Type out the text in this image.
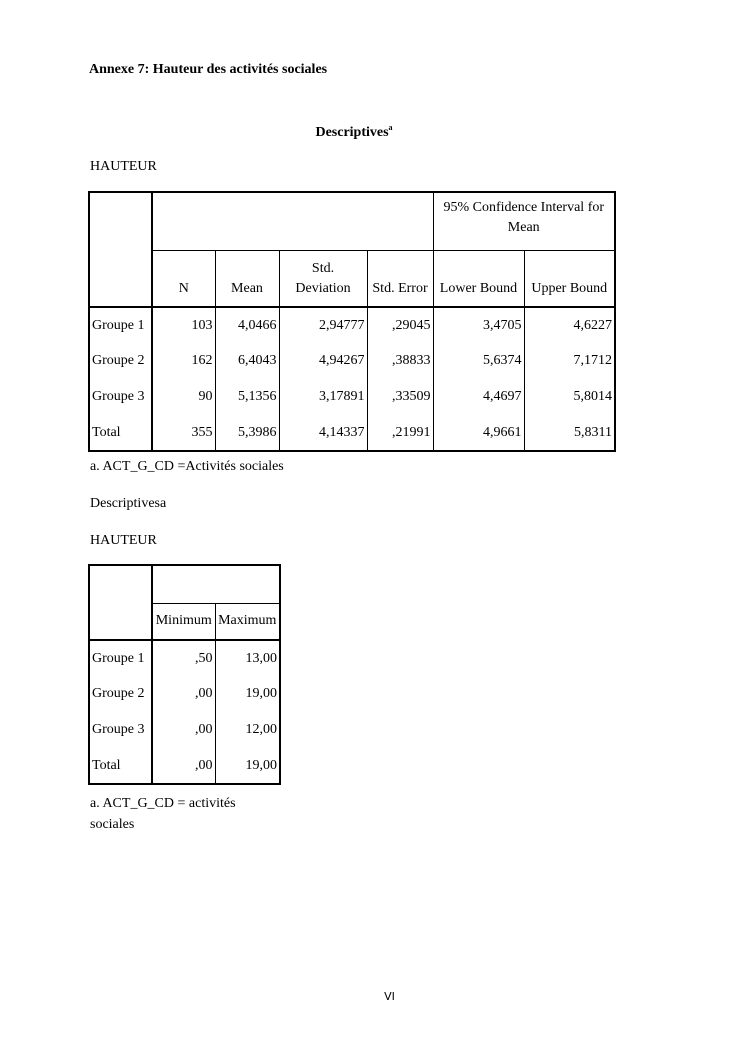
Annexe 7: Hauteur des activités sociales
Descriptives$^a$
HAUTEUR
					95% Confidence Interval for Mean	
	N	Mean	Std.
Deviation	Std. Error	Lower Bound	Upper Bound
Groupe 1	103	4,0466	2,94777	,29045	3,4705	4,6227
Groupe 2	162	6,4043	4,94267	,38833	5,6374	7,1712
Groupe 3	90	5,1356	3,17891	,33509	4,4697	5,8014
Total	355	5,3986	4,14337	,21991	4,9661	5,8311
a. ACT_G_CD =Activités sociales
Descriptivesa
HAUTEUR

	Minimum	Maximum
Groupe 1	,50	13,00
Groupe 2	,00	19,00
Groupe 3	,00	12,00
Total	,00	19,00
a. ACT_G_CD = activités
sociales
VI
